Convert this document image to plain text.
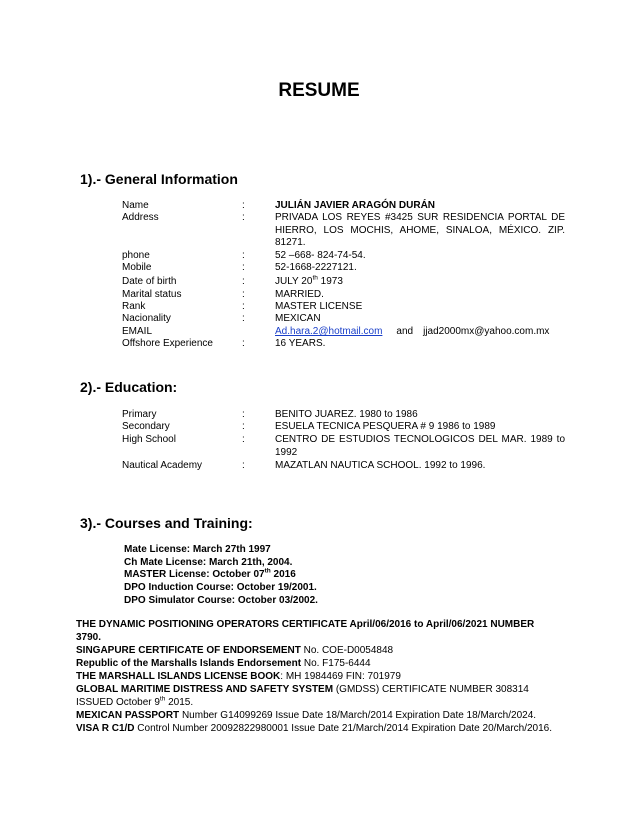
RESUME
1).- General Information
Name	:	JULIÁN JAVIER ARAGÓN DURÁN
Address	:	PRIVADA LOS REYES #3425 SUR RESIDENCIA PORTAL DE HIERRO, LOS MOCHIS, AHOME, SINALOA, MÉXICO. ZIP. 81271.
phone	:	52 –668- 824-74-54.
Mobile	:	52-1668-2227121.
Date of birth	:	JULY 20th 1973
Marital status	:	MARRIED.
Rank	:	MASTER LICENSE
Nacionality	:	MEXICAN
EMAIL	Ad.hara.2@hotmail.com and jjad2000mx@yahoo.com.mx
Offshore Experience	:	16 YEARS.
2).- Education:
Primary	:	BENITO JUAREZ. 1980 to 1986
Secondary	:	ESUELA TECNICA PESQUERA # 9 1986 to 1989
High School	:	CENTRO DE ESTUDIOS TECNOLOGICOS DEL MAR. 1989 to 1992
Nautical Academy	:	MAZATLAN NAUTICA SCHOOL. 1992 to 1996.
3).- Courses and Training:
Mate License: March 27th 1997
Ch Mate License: March 21th, 2004.
MASTER License: October 07th 2016
DPO Induction Course: October 19/2001.
DPO Simulator Course: October 03/2002.
THE DYNAMIC POSITIONING OPERATORS CERTIFICATE April/06/2016 to April/06/2021 NUMBER 3790.
SINGAPURE CERTIFICATE OF ENDORSEMENT No. COE-D0054848
Republic of the Marshalls Islands Endorsement No. F175-6444
THE MARSHALL ISLANDS LICENSE BOOK: MH 1984469 FIN: 701979
GLOBAL MARITIME DISTRESS AND SAFETY SYSTEM (GMDSS) CERTIFICATE NUMBER 308314 ISSUED October 9th 2015.
MEXICAN PASSPORT Number G14099269 Issue Date 18/March/2014 Expiration Date 18/March/2024.
VISA R C1/D Control Number 20092822980001 Issue Date 21/March/2014 Expiration Date 20/March/2016.
